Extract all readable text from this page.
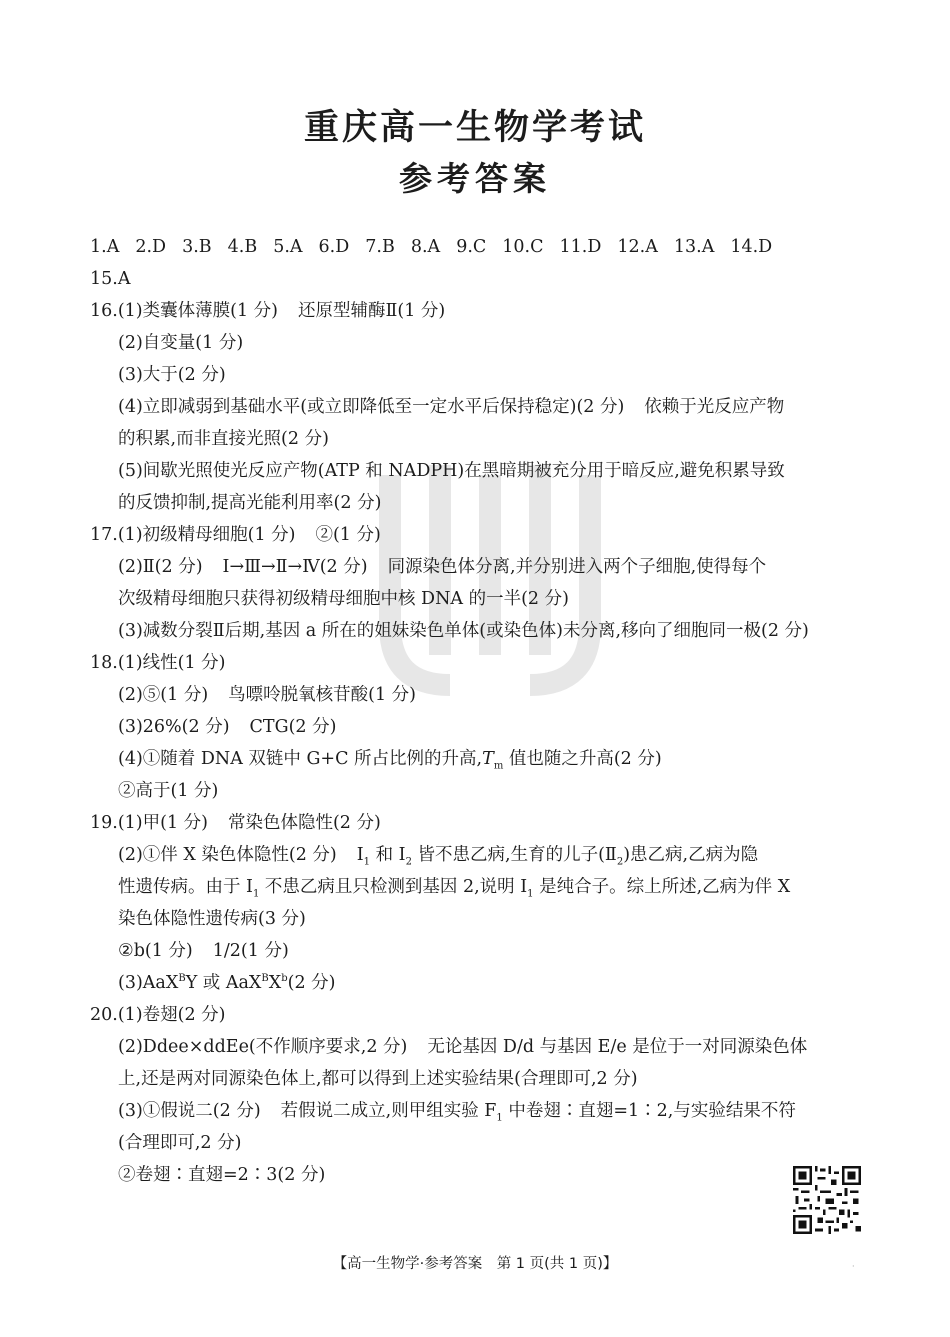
重庆高一生物学考试
参考答案
1.A 2.D 3.B 4.B 5.A 6.D 7.B 8.A 9.C 10.C 11.D 12.A 13.A 14.D
15.A
16.(1)类囊体薄膜(1 分) 还原型辅酶Ⅱ(1 分)
(2)自变量(1 分)
(3)大于(2 分)
(4)立即减弱到基础水平(或立即降低至一定水平后保持稳定)(2 分) 依赖于光反应产物
的积累,而非直接光照(2 分)
(5)间歇光照使光反应产物(ATP 和 NADPH)在黑暗期被充分用于暗反应,避免积累导致
的反馈抑制,提高光能利用率(2 分)
17.(1)初级精母细胞(1 分) ②(1 分)
(2)Ⅱ(2 分) Ⅰ→Ⅲ→Ⅱ→Ⅳ(2 分) 同源染色体分离,并分别进入两个子细胞,使得每个
次级精母细胞只获得初级精母细胞中核 DNA 的一半(2 分)
(3)减数分裂Ⅱ后期,基因 a 所在的姐妹染色单体(或染色体)未分离,移向了细胞同一极(2 分)
18.(1)线性(1 分)
(2)⑤(1 分) 鸟嘌呤脱氧核苷酸(1 分)
(3)26%(2 分) CTG(2 分)
(4)①随着 DNA 双链中 G+C 所占比例的升高$,T_m$ 值也随之升高(2 分)
②高于(1 分)
19.(1)甲(1 分) 常染色体隐性(2 分)
(2)①伴 X 染色体隐性(2 分) $Ⅰ_1$ 和 $Ⅰ_2$ 皆不患乙病,生育的儿子$(Ⅱ_2)$患乙病,乙病为隐
性遗传病。由于 $Ⅰ_1$ 不患乙病且只检测到基因 2,说明 $Ⅰ_1$ 是纯合子。综上所述,乙病为伴 X
染色体隐性遗传病(3 分)
②b(1 分) 1/2(1 分)
(3)AaX$^B$Y 或 $AaX^BX^b(2$ 分)
20.(1)卷翅(2 分)
(2)Ddee×ddEe(不作顺序要求,2 分) 无论基因 D/d 与基因 E/e 是位于一对同源染色体
上,还是两对同源染色体上,都可以得到上述实验结果(合理即可,2 分)
(3)①假说二(2 分) 若假说二成立,则甲组实验 $F_1$ 中卷翅∶直翅=1∶2,与实验结果不符
(合理即可,2 分)
②卷翅∶直翅=2∶3(2 分)
【高一生物学·参考答案　第 1 页(共 1 页)】	·
